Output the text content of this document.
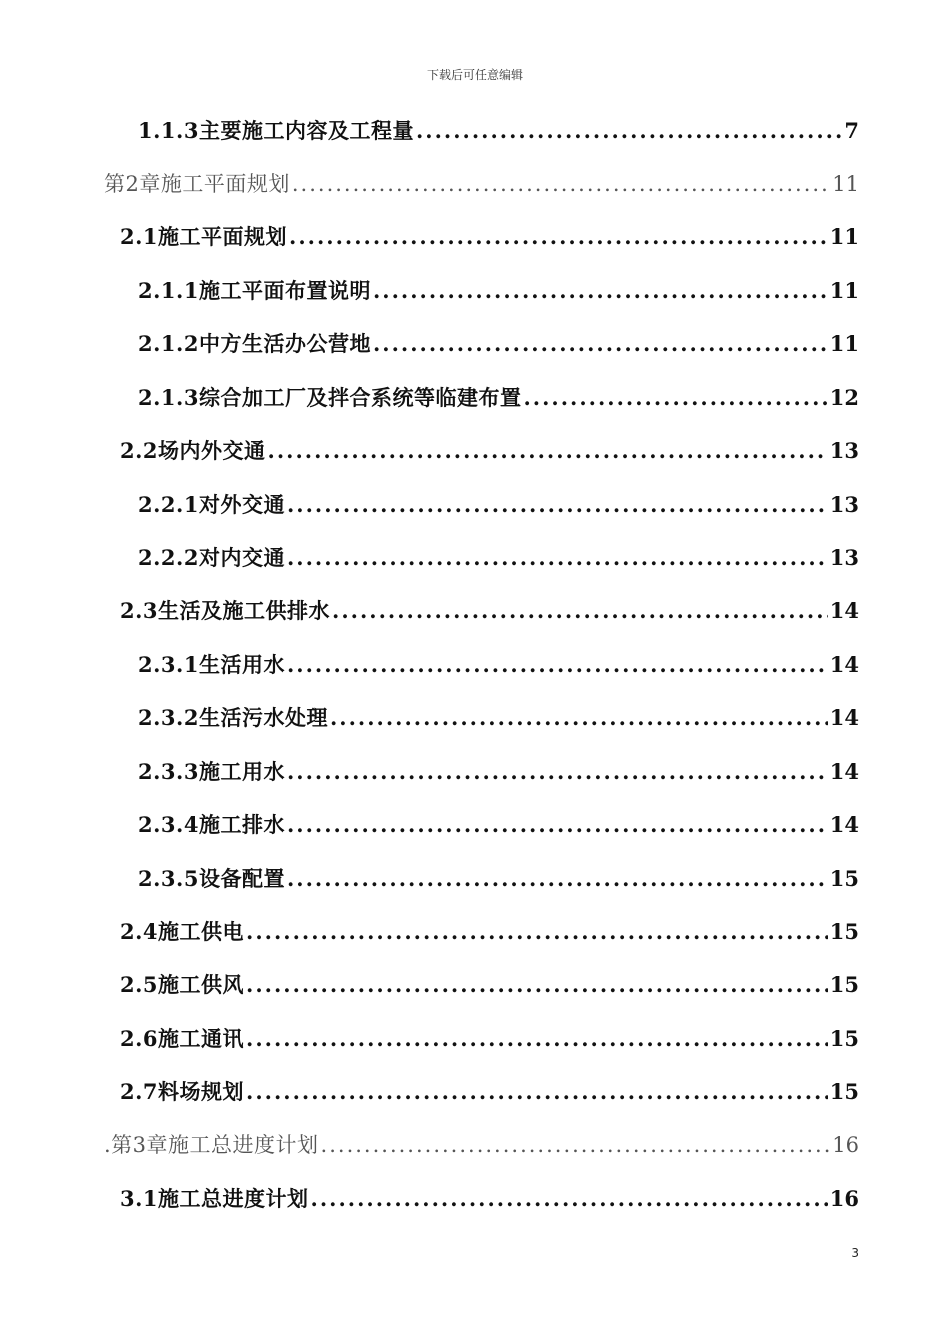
下载后可任意编辑
1.1.3主要施工内容及工程量 .....	7
第2章施工平面规划 .....	11
2.1施工平面规划 .....	11
2.1.1施工平面布置说明 .....	11
2.1.2中方生活办公营地 .....	11
2.1.3综合加工厂及拌合系统等临建布置 .....	12
2.2场内外交通 .....	13
2.2.1对外交通 .....	13
2.2.2对内交通 .....	13
2.3生活及施工供排水 .....	14
2.3.1生活用水 .....	14
2.3.2生活污水处理 .....	14
2.3.3施工用水 .....	14
2.3.4施工排水 .....	14
2.3.5设备配置 .....	15
2.4施工供电 .....	15
2.5施工供风 .....	15
2.6施工通讯 .....	15
2.7料场规划 .....	15
.第3章施工总进度计划 .....	16
3.1施工总进度计划 .....	16
3
